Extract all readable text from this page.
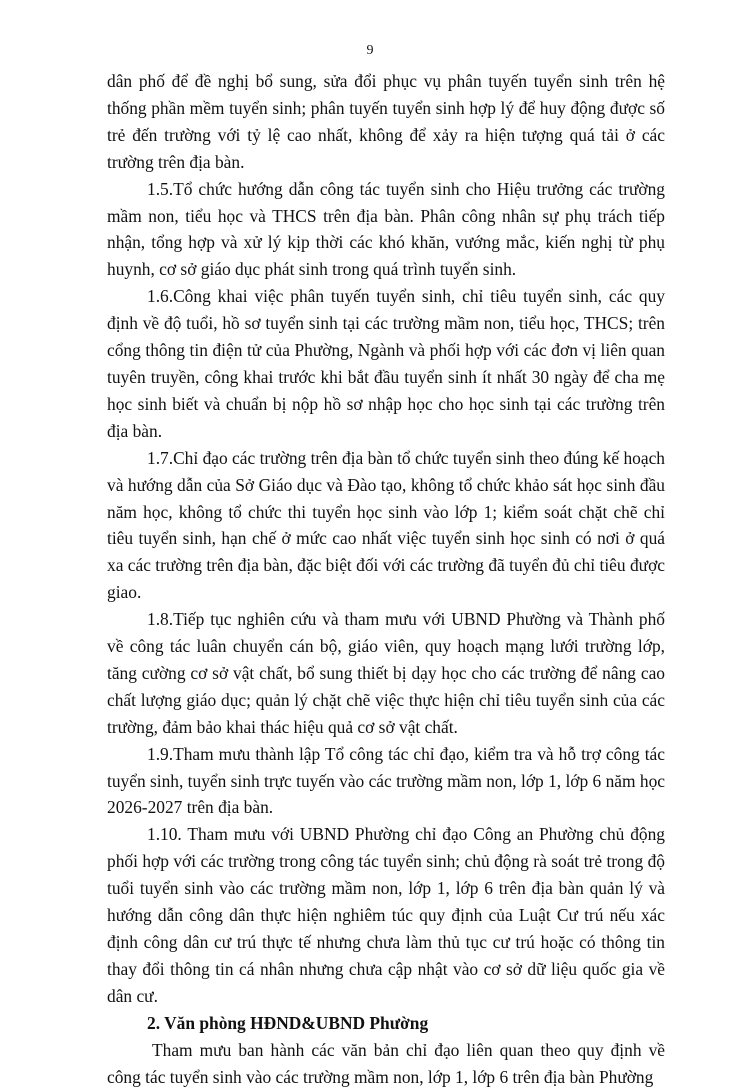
9

dân phố để đề nghị bổ sung, sửa đổi phục vụ phân tuyến tuyển sinh trên hệ thống phần mềm tuyển sinh; phân tuyến tuyển sinh hợp lý để huy động được số trẻ đến trường với tỷ lệ cao nhất, không để xảy ra hiện tượng quá tải ở các trường trên địa bàn.

1.5.Tổ chức hướng dẫn công tác tuyển sinh cho Hiệu trưởng các trường mầm non, tiểu học và THCS trên địa bàn. Phân công nhân sự phụ trách tiếp nhận, tổng hợp và xử lý kịp thời các khó khăn, vướng mắc, kiến nghị từ phụ huynh, cơ sở giáo dục phát sinh trong quá trình tuyển sinh.

1.6.Công khai việc phân tuyến tuyển sinh, chỉ tiêu tuyển sinh, các quy định về độ tuổi, hồ sơ tuyển sinh tại các trường mầm non, tiểu học, THCS; trên cổng thông tin điện tử của Phường, Ngành và phối hợp với các đơn vị liên quan tuyên truyền, công khai trước khi bắt đầu tuyển sinh ít nhất 30 ngày để cha mẹ học sinh biết và chuẩn bị nộp hồ sơ nhập học cho học sinh tại các trường trên địa bàn.

1.7.Chỉ đạo các trường trên địa bàn tổ chức tuyển sinh theo đúng kế hoạch và hướng dẫn của Sở Giáo dục và Đào tạo, không tổ chức khảo sát học sinh đầu năm học, không tổ chức thi tuyển học sinh vào lớp 1; kiểm soát chặt chẽ chỉ tiêu tuyển sinh, hạn chế ở mức cao nhất việc tuyển sinh học sinh có nơi ở quá xa các trường trên địa bàn, đặc biệt đối với các trường đã tuyển đủ chỉ tiêu được giao.

1.8.Tiếp tục nghiên cứu và tham mưu với UBND Phường và Thành phố về công tác luân chuyển cán bộ, giáo viên, quy hoạch mạng lưới trường lớp, tăng cường cơ sở vật chất, bổ sung thiết bị dạy học cho các trường để nâng cao chất lượng giáo dục; quản lý chặt chẽ việc thực hiện chỉ tiêu tuyển sinh của các trường, đảm bảo khai thác hiệu quả cơ sở vật chất.

1.9.Tham mưu thành lập Tổ công tác chỉ đạo, kiểm tra và hỗ trợ công tác tuyển sinh, tuyển sinh trực tuyến vào các trường mầm non, lớp 1, lớp 6 năm học 2026-2027 trên địa bàn.

1.10. Tham mưu với UBND Phường chỉ đạo Công an Phường chủ động phối hợp với các trường trong công tác tuyển sinh; chủ động rà soát trẻ trong độ tuổi tuyển sinh vào các trường mầm non, lớp 1, lớp 6 trên địa bàn quản lý và hướng dẫn công dân thực hiện nghiêm túc quy định của Luật Cư trú nếu xác định công dân cư trú thực tế nhưng chưa làm thủ tục cư trú hoặc có thông tin thay đổi thông tin cá nhân nhưng chưa cập nhật vào cơ sở dữ liệu quốc gia về dân cư.

2. Văn phòng HĐND&UBND Phường

Tham mưu ban hành các văn bản chỉ đạo liên quan theo quy định về công tác tuyển sinh vào các trường mầm non, lớp 1, lớp 6 trên địa bàn Phường
